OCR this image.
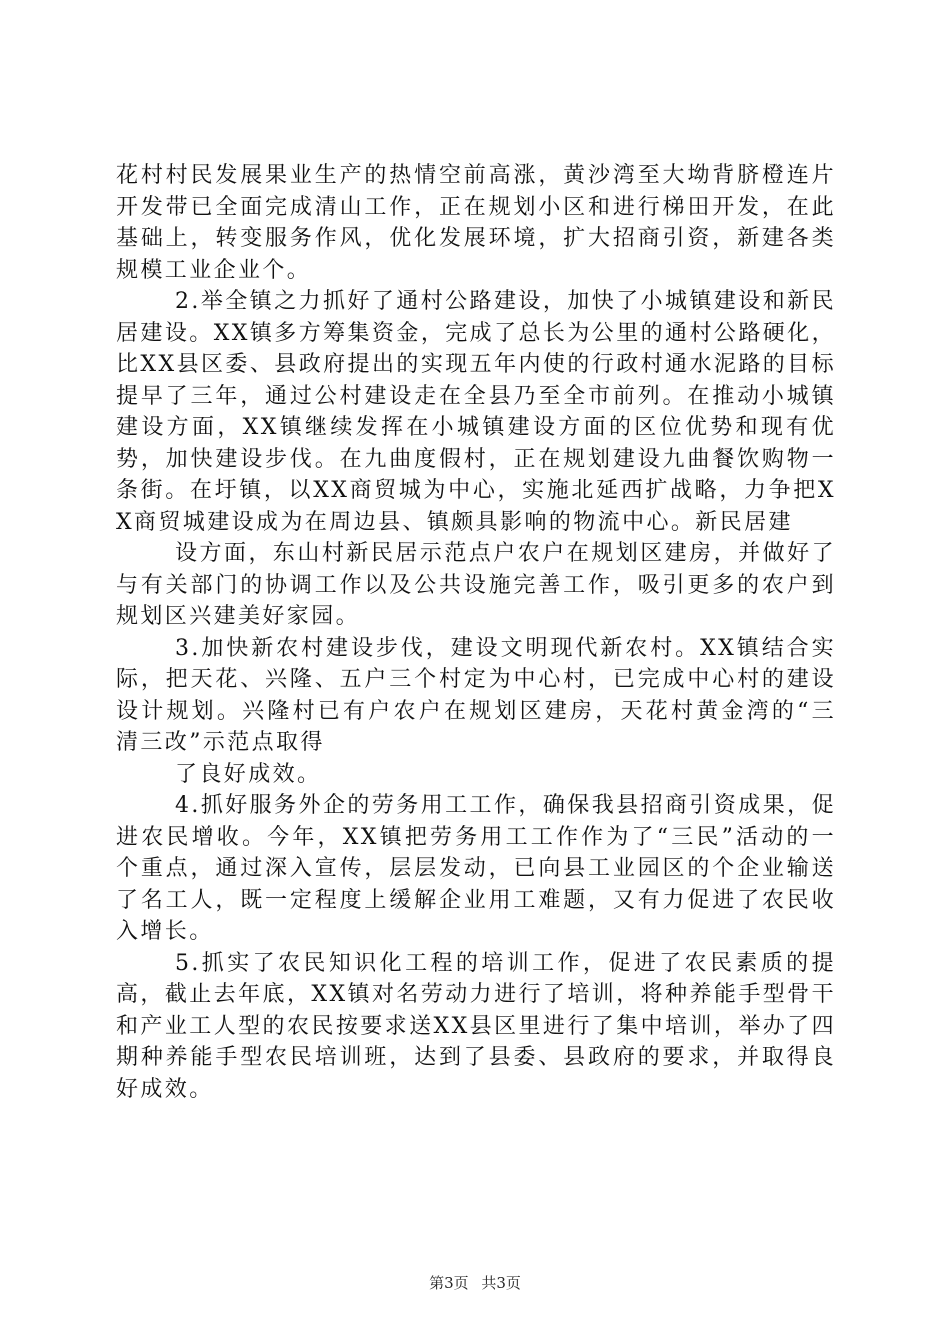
花村村民发展果业生产的热情空前高涨，黄沙湾至大坳背脐橙连片开发带已全面完成清山工作，正在规划小区和进行梯田开发，在此基础上，转变服务作风，优化发展环境，扩大招商引资，新建各类规模工业企业个。

2.举全镇之力抓好了通村公路建设，加快了小城镇建设和新民居建设。XX镇多方筹集资金，完成了总长为公里的通村公路硬化，比XX县区委、县政府提出的实现五年内使的行政村通水泥路的目标提早了三年，通过公村建设走在全县乃至全市前列。在推动小城镇建设方面，XX镇继续发挥在小城镇建设方面的区位优势和现有优势，加快建设步伐。在九曲度假村，正在规划建设九曲餐饮购物一条街。在圩镇，以XX商贸城为中心，实施北延西扩战略，力争把XX商贸城建设成为在周边县、镇颇具影响的物流中心。新民居建

设方面，东山村新民居示范点户农户在规划区建房，并做好了与有关部门的协调工作以及公共设施完善工作，吸引更多的农户到规划区兴建美好家园。

3.加快新农村建设步伐，建设文明现代新农村。XX镇结合实际，把天花、兴隆、五户三个村定为中心村，已完成中心村的建设设计规划。兴隆村已有户农户在规划区建房，天花村黄金湾的“三清三改”示范点取得

了良好成效。

4.抓好服务外企的劳务用工工作，确保我县招商引资成果，促进农民增收。今年，XX镇把劳务用工工作作为了“三民”活动的一个重点，通过深入宣传，层层发动，已向县工业园区的个企业输送了名工人，既一定程度上缓解企业用工难题，又有力促进了农民收入增长。

5.抓实了农民知识化工程的培训工作，促进了农民素质的提高，截止去年底，XX镇对名劳动力进行了培训，将种养能手型骨干和产业工人型的农民按要求送XX县区里进行了集中培训，举办了四期种养能手型农民培训班，达到了县委、县政府的要求，并取得良好成效。

第3页 共3页
